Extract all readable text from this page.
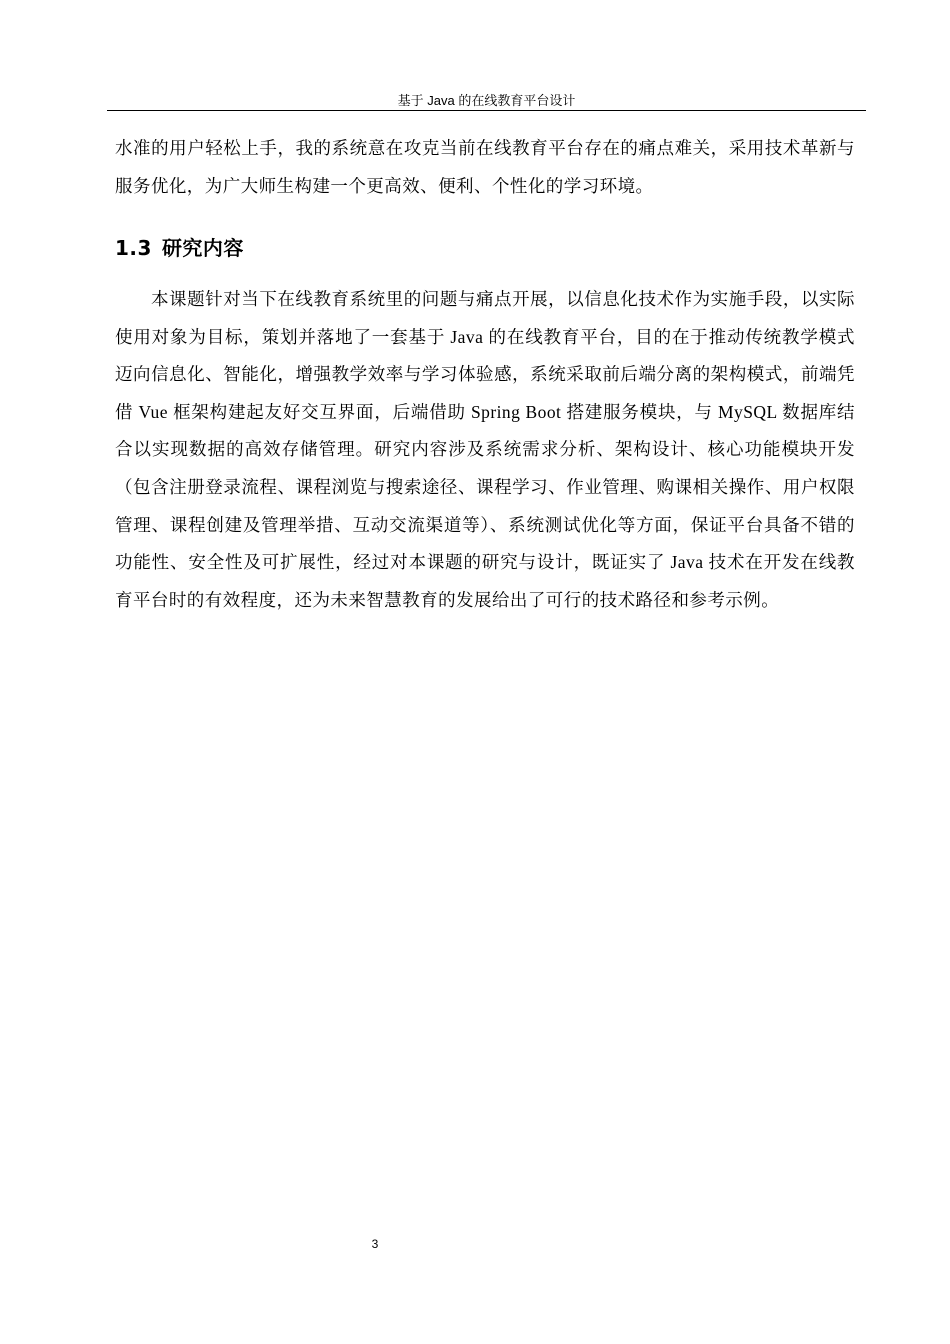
基于 Java 的在线教育平台设计

水准的用户轻松上手，我的系统意在攻克当前在线教育平台存在的痛点难关，采用技术革新与服务优化，为广大师生构建一个更高效、便利、个性化的学习环境。

1.3 研究内容

本课题针对当下在线教育系统里的问题与痛点开展，以信息化技术作为实施手段，以实际使用对象为目标，策划并落地了一套基于 Java 的在线教育平台，目的在于推动传统教学模式迈向信息化、智能化，增强教学效率与学习体验感，系统采取前后端分离的架构模式，前端凭借 Vue 框架构建起友好交互界面，后端借助 Spring Boot 搭建服务模块，与 MySQL 数据库结合以实现数据的高效存储管理。研究内容涉及系统需求分析、架构设计、核心功能模块开发（包含注册登录流程、课程浏览与搜索途径、课程学习、作业管理、购课相关操作、用户权限管理、课程创建及管理举措、互动交流渠道等）、系统测试优化等方面，保证平台具备不错的功能性、安全性及可扩展性，经过对本课题的研究与设计，既证实了 Java 技术在开发在线教育平台时的有效程度，还为未来智慧教育的发展给出了可行的技术路径和参考示例。

3
